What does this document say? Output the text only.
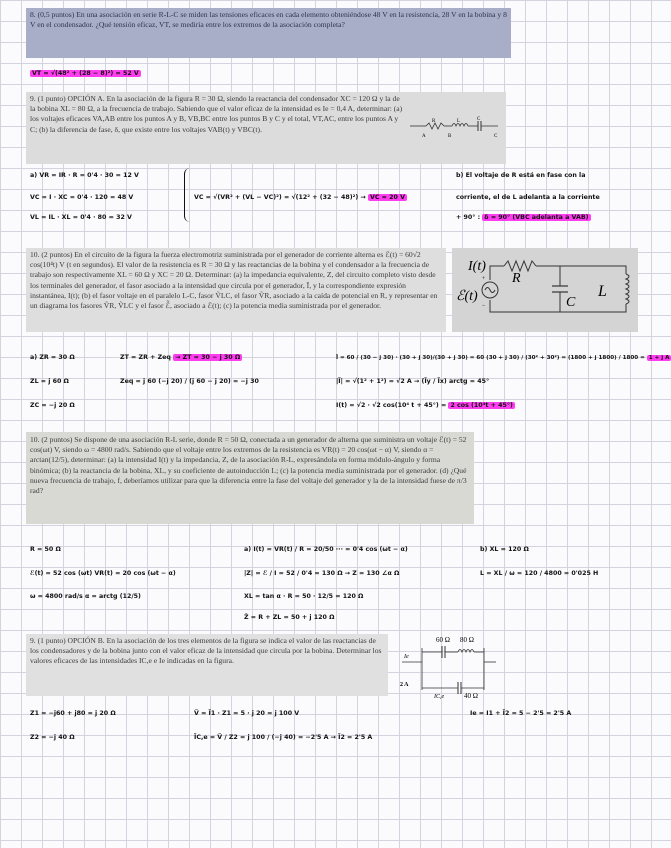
8. (0,5 puntos) En una asociación en serie R-L-C se miden las tensiones eficaces en cada elemento obteniéndose 48 V en la resistencia, 28 V en la bobina y 8 V en el condensador. ¿Qué tensión eficaz, VT, se mediría entre los extremos de la asociación completa?

VT = √(48² + (28 − 8)²) = 52 V

9. (1 punto) OPCIÓN A. En la asociación de la figura R = 30 Ω, siendo la reactancia del condensador XC = 120 Ω y la de la bobina XL = 80 Ω, a la frecuencia de trabajo. Sabiendo que el valor eficaz de la intensidad es Ie = 0,4 A, determinar: (a) los voltajes eficaces VA,AB entre los puntos A y B, VB,BC entre los puntos B y C y el total, VT,AC, entre los puntos A y C; (b) la diferencia de fase, δ, que existe entre los voltajes VAB(t) y VBC(t).

R	L	C
A	B	C
a) VR = IR · R = 0'4 · 30 = 12 V
VC = I · XC = 0'4 · 120 = 48 V
VL = IL · XL = 0'4 · 80 = 32 V
VC = √(VR² + (VL − VC)²) = √(12² + (32 − 48)²) → VC = 20 V
b) El voltaje de R está en fase con la
corriente, el de L adelanta a la corriente
+ 90° : δ = 90° (VBC adelanta a VAB)

10. (2 puntos) En el circuito de la figura la fuerza electromotriz suministrada por el generador de corriente alterna es ℰ(t) = 60√2 cos(10⁴t) V (t en segundos). El valor de la resistencia es R = 30 Ω y las reactancias de la bobina y el condensador a la frecuencia de trabajo son respectivamente XL = 60 Ω y XC = 20 Ω. Determinar: (a) la impedancia equivalente, Z, del circuito completo visto desde los terminales del generador, el fasor asociado a la intensidad que circula por el generador, Ĩ, y la correspondiente expresión instantánea, I(t); (b) el fasor voltaje en el paralelo L-C, fasor ṼLC, el fasor ṼR, asociado a la caída de potencial en R, y representar en un diagrama los fasores ṼR, ṼLC y el fasor ℰ̃, asociado a ℰ(t); (c) la potencia media suministrada por el generador.

+
−
I(t)
R
ℰ(t)	C
L
a) ZR = 30 Ω
ZL = j 60 Ω
ZC = −j 20 Ω
ZT = ZR + Zeq → ZT = 30 − j 30 Ω
Zeq = j 60 (−j 20) / (j 60 − j 20) = −j 30
Ĩ = 60 / (30 − j 30) · (30 + j 30)/(30 + j 30) = 60 (30 + j 30) / (30² + 30²) = (1800 + j 1800) / 1800 = 1 + j A
|Ĩ| = √(1² + 1²) = √2 A → (Ĩy / Ĩx) arctg = 45°
I(t) = √2 · √2 cos(10⁴ t + 45°) = 2 cos (10⁴t + 45°)

10. (2 puntos) Se dispone de una asociación R-L serie, donde R = 50 Ω, conectada a un generador de alterna que suministra un voltaje ℰ(t) = 52 cos(ωt) V, siendo ω = 4800 rad/s. Sabiendo que el voltaje entre los extremos de la resistencia es VR(t) = 20 cos(ωt − α) V, siendo α = arctan(12/5), determinar: (a) la intensidad I(t) y la impedancia, Z, de la asociación R-L, expresándola en forma módulo-ángulo y forma binómica; (b) la reactancia de la bobina, XL, y su coeficiente de autoinducción L; (c) la potencia media suministrada por el generador. (d) ¿Qué nueva frecuencia de trabajo, f, deberíamos utilizar para que la diferencia entre la fase del voltaje del generador y la de la intensidad fuese de π/3 rad?

R = 50 Ω
ℰ(t) = 52 cos (ωt) VR(t) = 20 cos (ωt − α)
ω = 4800 rad/s α = arctg (12/5)
a) I(t) = VR(t) / R = 20/50 ··· = 0'4 cos (ωt − α)
|Z| = ℰ / I = 52 / 0'4 = 130 Ω → Z = 130 ∠α Ω
XL = tan α · R = 50 · 12/5 = 120 Ω
Ẑ = R + ZL = 50 + j 120 Ω
b) XL = 120 Ω
L = XL / ω = 120 / 4800 = 0'025 H

9. (1 punto) OPCIÓN B. En la asociación de los tres elementos de la figura se indica el valor de las reactancias de los condensadores y de la bobina junto con el valor eficaz de la intensidad que circula por la bobina. Determinar los valores eficaces de las intensidades IC,e e Ie indicadas en la figura.

60 Ω 80 Ω
Ie
2 A
IC,e	40 Ω
Z1 = −j60 + j80 = j 20 Ω
Z2 = −j 40 Ω
Ṽ = Ĩ1 · Z1 = 5 · j 20 = j 100 V
ĨC,e = Ṽ / Z2 = j 100 / (−j 40) = −2'5 A → Ĩ2 = 2'5 A
Ie = I1 + Ĩ2 = 5 − 2'5 = 2'5 A
